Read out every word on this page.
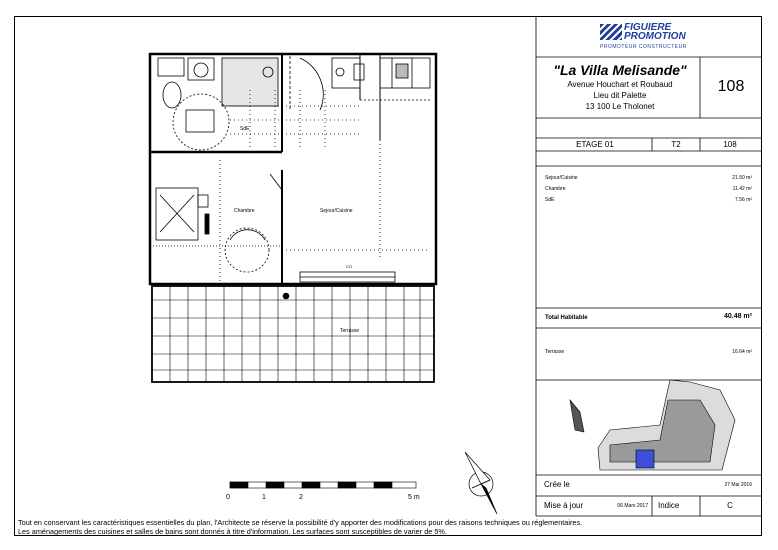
SdE
Chambre	Sejour/Cuisine
Terrasse
CO
0	1	2	5 m
FIGUIERE
PROMOTION
PROMOTEUR CONSTRUCTEUR
"La Villa Melisande"
Avenue Houchart et Roubaud
Lieu dit Palette
13 100 Le Tholonet
108
ETAGE 01	T2	108
Sejour/Cuisine	21.50 m²
Chambre	11.42 m²
SdE	7.56 m²
Total Habitable	40.48 m²
Terrasse	16.64 m²
Crée le	27 Mai 2016
Mise à jour	06 Mars 2017 Indice	C
Tout en conservant les caractéristiques essentielles du plan, l'Architecte se réserve la possibilité d'y apporter des modifications pour des raisons techniques ou réglementaires.
Les aménagements des cuisines et salles de bains sont donnés à titre d'information. Les surfaces sont susceptibles de varier de 5%.
